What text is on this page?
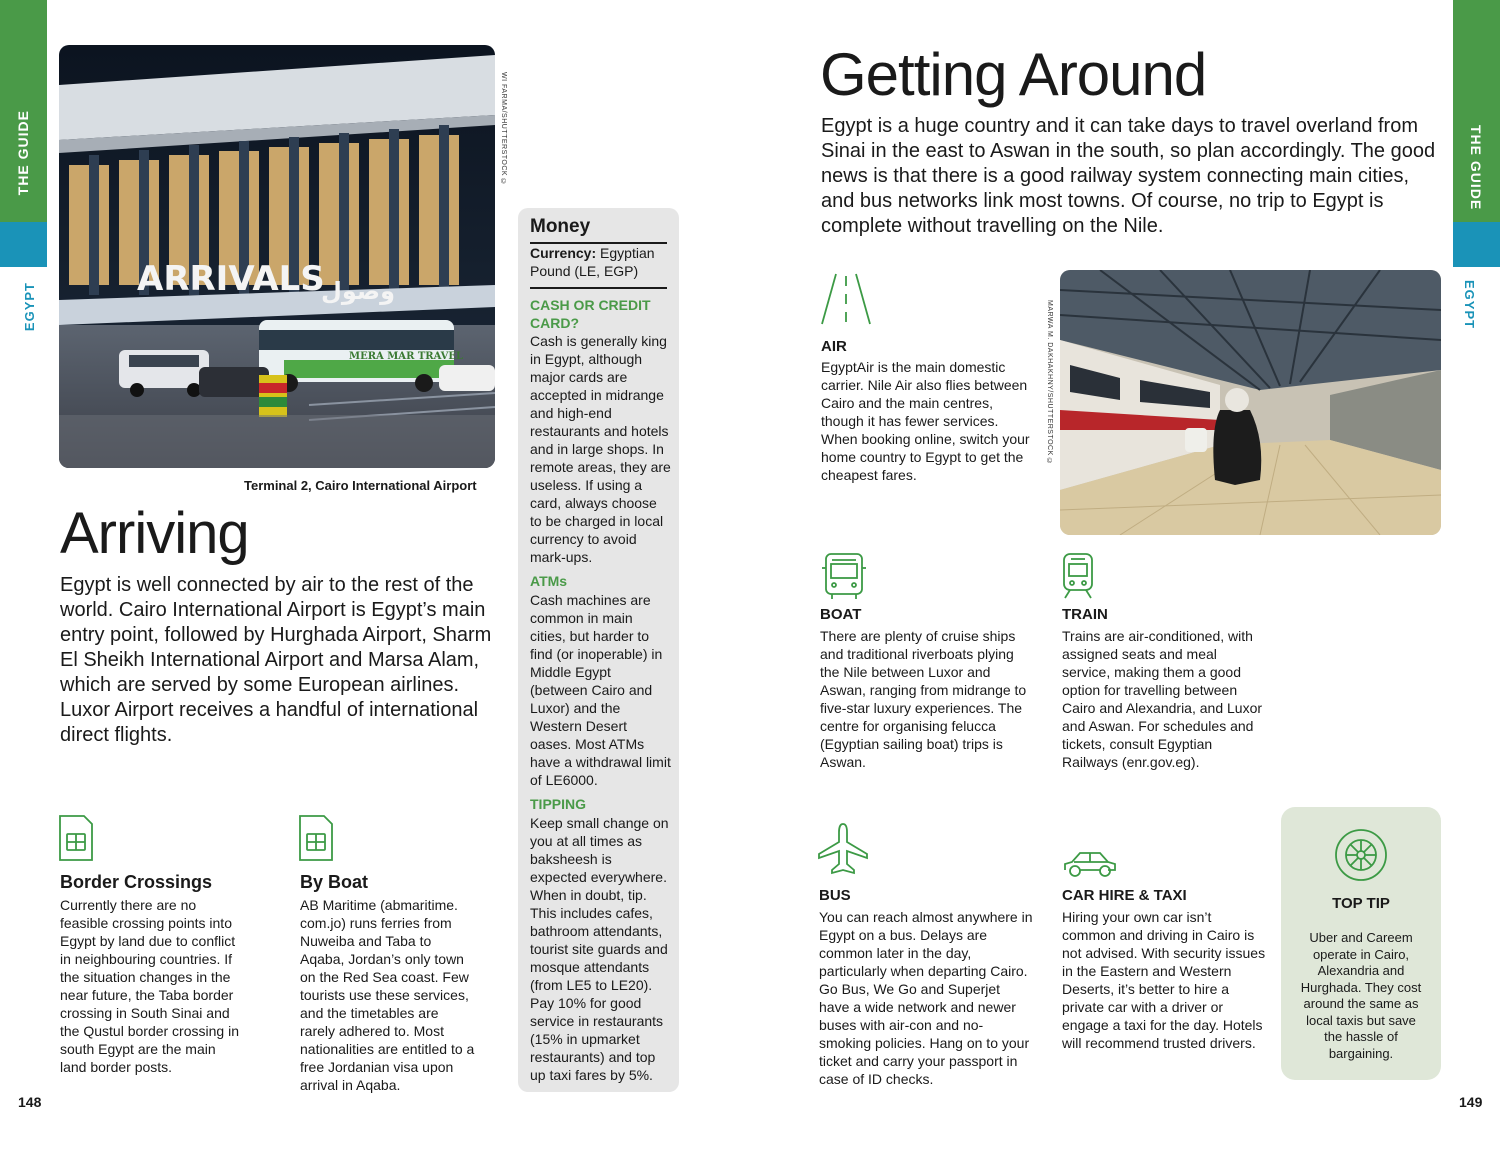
THE GUIDE
EGYPT
ARRIVALS
وصول
MERA MAR TRAVEL
WI FARMA/SHUTTERSTOCK ©
Terminal 2, Cairo International Airport
Arriving
Egypt is well connected by air to the rest of the world. Cairo International Airport is Egypt’s main entry point, followed by Hurghada Airport, Sharm El Sheikh International Airport and Marsa Alam, which are served by some European airlines. Luxor Airport receives a handful of international direct flights.
Border Crossings
Currently there are no feasible crossing points into Egypt by land due to conflict in neighbouring countries. If the situation changes in the near future, the Taba border crossing in South Sinai and the Qustul border crossing in south Egypt are the main land border posts.
By Boat
AB Maritime (abmaritime. com.jo) runs ferries from Nuweiba and Taba to Aqaba, Jordan’s only town on the Red Sea coast. Few tourists use these services, and the timetables are rarely adhered to. Most nationalities are entitled to a free Jordanian visa upon arrival in Aqaba.
Money
Currency: Egyptian Pound (LE, EGP)
CASH OR CREDIT CARD?
Cash is generally king in Egypt, although major cards are accepted in midrange and high-end restaurants and hotels and in large shops. In remote areas, they are useless. If using a card, always choose to be charged in local currency to avoid mark-ups.
ATMs
Cash machines are common in main cities, but harder to find (or inoperable) in Middle Egypt (between Cairo and Luxor) and the Western Desert oases. Most ATMs have a withdrawal limit of LE6000.
TIPPING
Keep small change on you at all times as baksheesh is expected everywhere. When in doubt, tip. This includes cafes, bathroom attendants, tourist site guards and mosque attendants (from LE5 to LE20). Pay 10% for good service in restaurants (15% in upmarket restaurants) and top up taxi fares by 5%.
148
Getting Around
Egypt is a huge country and it can take days to travel overland from Sinai in the east to Aswan in the south, so plan accordingly. The good news is that there is a good railway system connecting main cities, and bus networks link most towns. Of course, no trip to Egypt is complete without travelling on the Nile.
AIR
EgyptAir is the main domestic carrier. Nile Air also flies between Cairo and the main centres, though it has fewer services. When booking online, switch your home country to Egypt to get the cheapest fares.
MARWA M. DAKHAKHNY/SHUTTERSTOCK ©
BOAT
There are plenty of cruise ships and traditional riverboats plying the Nile between Luxor and Aswan, ranging from midrange to five-star luxury experiences. The centre for organising felucca (Egyptian sailing boat) trips is Aswan.
TRAIN
Trains are air-conditioned, with assigned seats and meal service, making them a good option for travelling between Cairo and Alexandria, and Luxor and Aswan. For schedules and tickets, consult Egyptian Railways (enr.gov.eg).
BUS
You can reach almost anywhere in Egypt on a bus. Delays are common later in the day, particularly when departing Cairo. Go Bus, We Go and Superjet have a wide network and newer buses with air-con and no-smoking policies. Hang on to your ticket and carry your passport in case of ID checks.
CAR HIRE & TAXI
Hiring your own car isn’t common and driving in Cairo is not advised. With security issues in the Eastern and Western Deserts, it’s better to hire a private car with a driver or engage a taxi for the day. Hotels will recommend trusted drivers.
TOP TIP
Uber and Careem operate in Cairo, Alexandria and Hurghada. They cost around the same as local taxis but save the hassle of bargaining.
THE GUIDE
EGYPT
149
